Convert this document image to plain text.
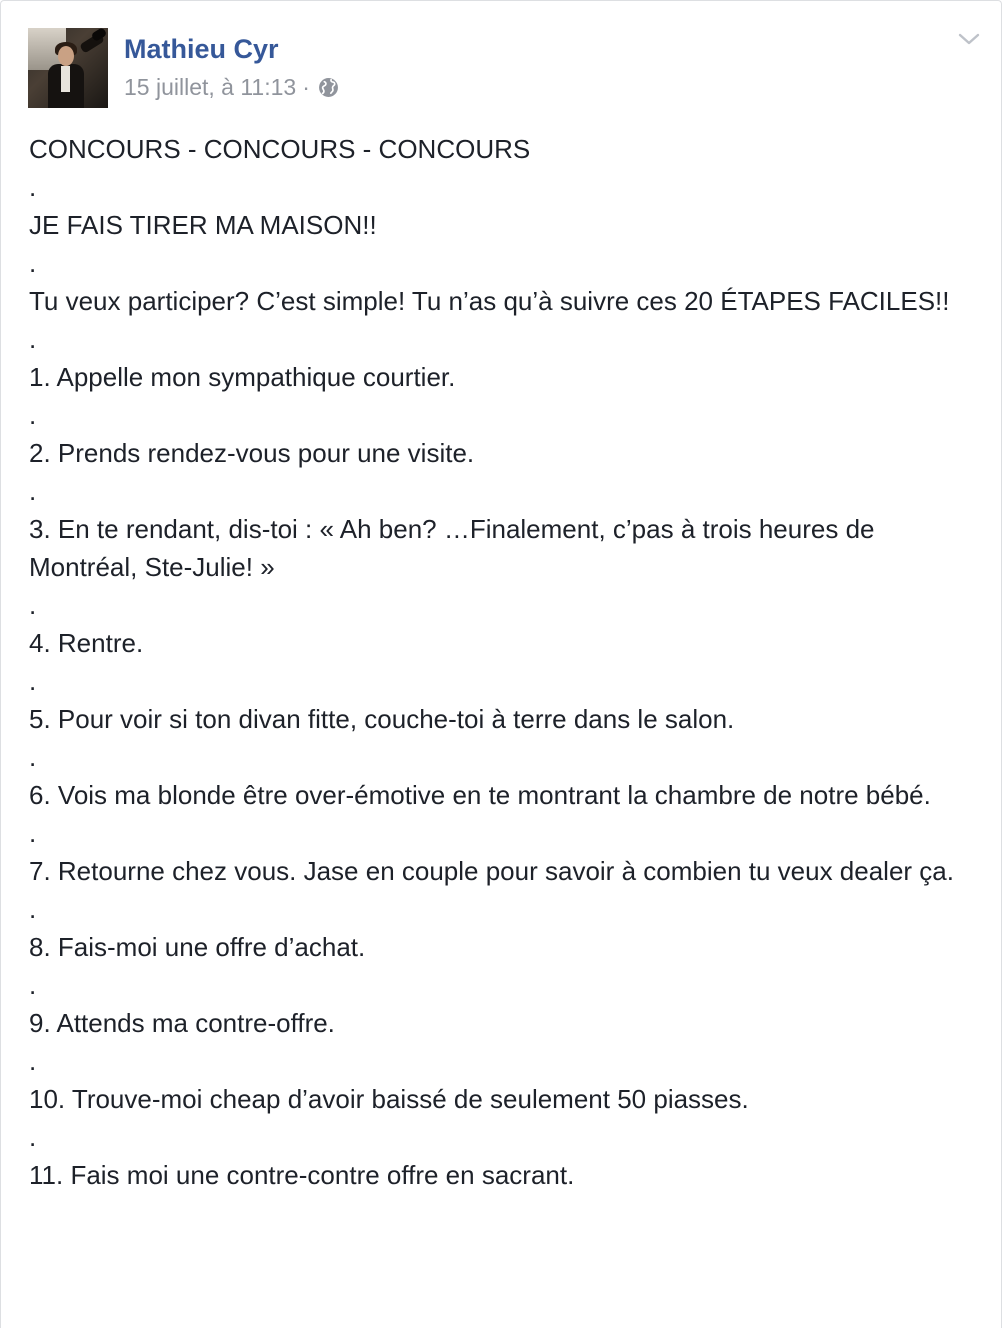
Mathieu Cyr
15 juillet, à 11:13 ·

CONCOURS - CONCOURS - CONCOURS

.

JE FAIS TIRER MA MAISON!!

.

Tu veux participer? C’est simple! Tu n’as qu’à suivre ces 20 ÉTAPES FACILES!!

.

1. Appelle mon sympathique courtier.

.

2. Prends rendez-vous pour une visite.

.

3. En te rendant, dis-toi : « Ah ben? …Finalement, c’pas à trois heures de Montréal, Ste-Julie! »

.

4. Rentre.

.

5. Pour voir si ton divan fitte, couche-toi à terre dans le salon.

.

6. Vois ma blonde être over-émotive en te montrant la chambre de notre bébé.

.

7. Retourne chez vous. Jase en couple pour savoir à combien tu veux dealer ça.

.

8. Fais-moi une offre d’achat.

.

9. Attends ma contre-offre.

.

10. Trouve-moi cheap d’avoir baissé de seulement 50 piasses.

.

11. Fais moi une contre-contre offre en sacrant.
